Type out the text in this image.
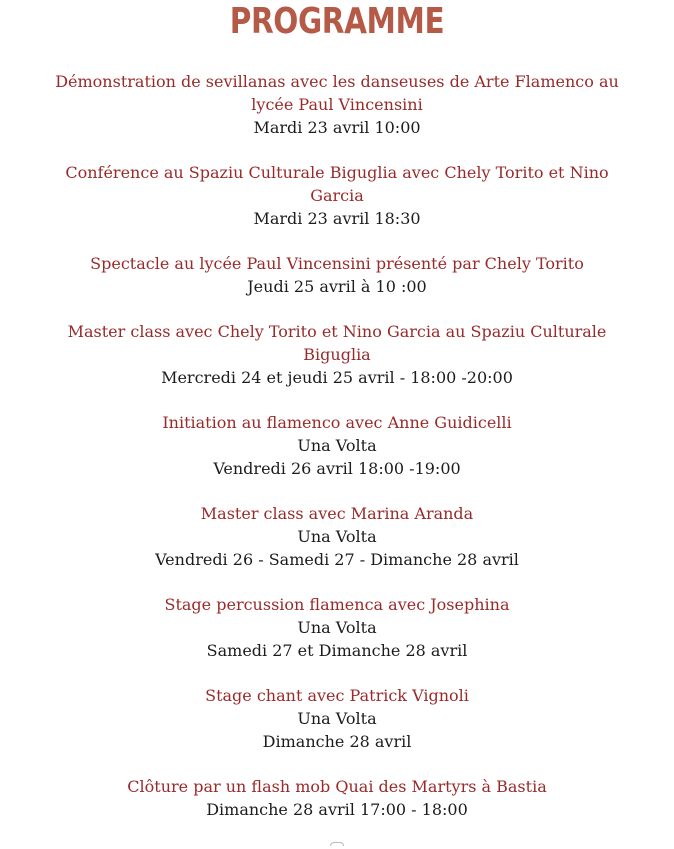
PROGRAMME
Démonstration de sevillanas avec les danseuses de Arte Flamenco au lycée Paul Vincensini
Mardi 23 avril 10:00
Conférence au Spaziu Culturale Biguglia avec Chely Torito et Nino Garcia
Mardi 23 avril 18:30
Spectacle au lycée Paul Vincensini présenté par Chely Torito
Jeudi 25 avril à 10 :00
Master class avec Chely Torito et Nino Garcia au Spaziu Culturale Biguglia
Mercredi 24 et jeudi 25 avril - 18:00 -20:00
Initiation au flamenco avec Anne Guidicelli
Una Volta
Vendredi 26 avril 18:00 -19:00
Master class avec Marina Aranda
Una Volta
Vendredi 26 - Samedi 27 - Dimanche 28 avril
Stage percussion flamenca avec Josephina
Una Volta
Samedi 27 et Dimanche 28 avril
Stage chant avec Patrick Vignoli
Una Volta
Dimanche 28 avril
Clôture par un flash mob Quai des Martyrs à Bastia
Dimanche 28 avril 17:00 - 18:00
